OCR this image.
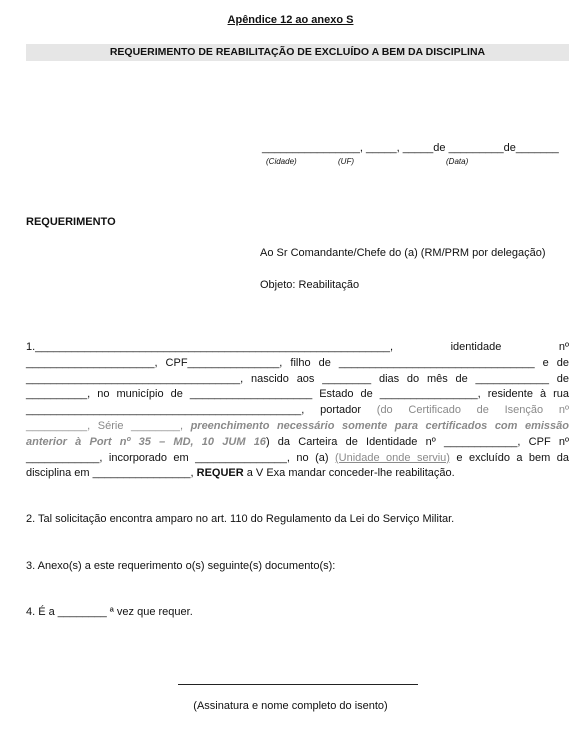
Apêndice 12 ao anexo S
REQUERIMENTO DE REABILITAÇÃO DE EXCLUÍDO A BEM DA DISCIPLINA
________________, _____, _____de _________de_______
(Cidade)	(UF)	(Data)
REQUERIMENTO
Ao Sr Comandante/Chefe do (a) (RM/PRM por delegação)
Objeto: Reabilitação
1.__________________________________________________________,	identidade	nº
_____________________, CPF_______________, filho de ________________________________ e de
___________________________________, nascido aos ________ dias do mês de ____________ de
__________, no município de ____________________ Estado de ________________, residente à rua
_____________________________________________, portador (do Certificado de Isenção nº
__________, Série ________, preenchimento necessário somente para certificados com emissão
anterior à Port nº 35 – MD, 10 JUM 16) da Carteira de Identidade nº ____________, CPF nº
____________, incorporado em _______________, no (a) (Unidade onde serviu) e excluído a bem da
disciplina em ________________, REQUER a V Exa mandar conceder-lhe reabilitação.
2. Tal solicitação encontra amparo no art. 110 do Regulamento da Lei do Serviço Militar.
3. Anexo(s) a este requerimento o(s) seguinte(s) documento(s):
4. É a ________ ª vez que requer.
(Assinatura e nome completo do isento)
